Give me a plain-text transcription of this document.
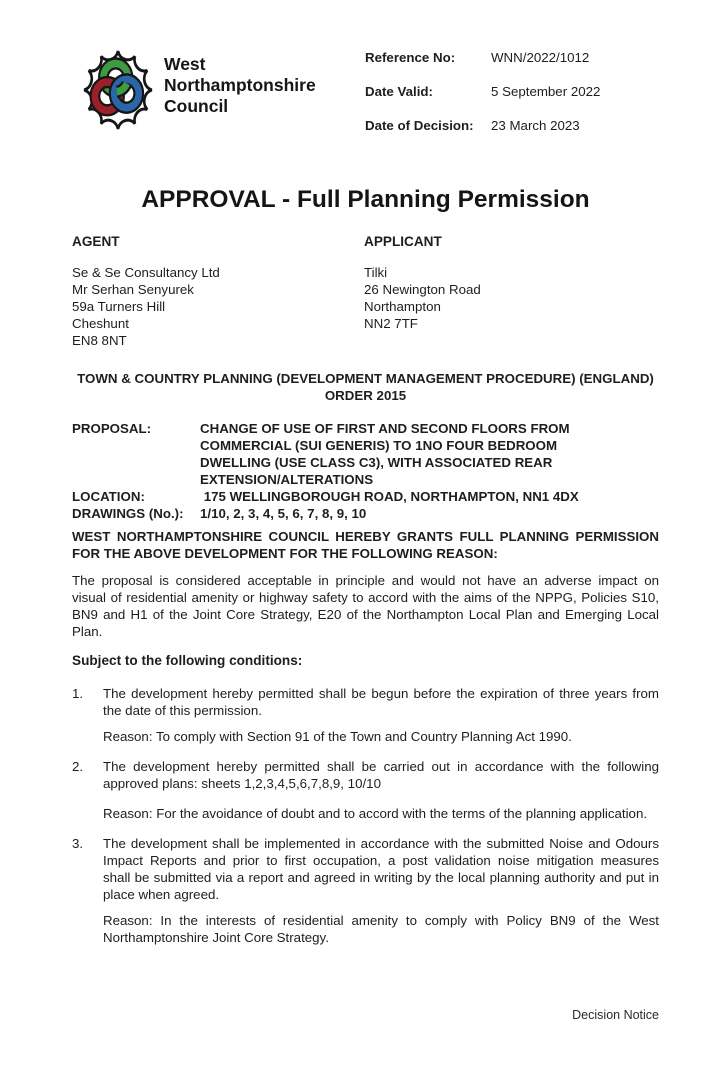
West
Northamptonshire
Council
Reference No:	WNN/2022/1012
Date Valid:	5 September 2022
Date of Decision:	23 March 2023
APPROVAL - Full Planning Permission
AGENT
Se & Se Consultancy Ltd
Mr Serhan Senyurek
59a Turners Hill
Cheshunt
EN8 8NT
APPLICANT
Tilki
26 Newington Road
Northampton
NN2 7TF
TOWN & COUNTRY PLANNING (DEVELOPMENT MANAGEMENT PROCEDURE) (ENGLAND)
ORDER 2015
PROPOSAL:	CHANGE OF USE OF FIRST AND SECOND FLOORS FROM
COMMERCIAL (SUI GENERIS) TO 1NO FOUR BEDROOM
DWELLING (USE CLASS C3), WITH ASSOCIATED REAR
EXTENSION/ALTERATIONS
LOCATION:	175 WELLINGBOROUGH ROAD, NORTHAMPTON, NN1 4DX
DRAWINGS (No.):	1/10, 2, 3, 4, 5, 6, 7, 8, 9, 10
WEST NORTHAMPTONSHIRE COUNCIL HEREBY GRANTS FULL PLANNING PERMISSION
FOR THE ABOVE DEVELOPMENT FOR THE FOLLOWING REASON:
The proposal is considered acceptable in principle and would not have an adverse impact on
visual of residential amenity or highway safety to accord with the aims of the NPPG, Policies S10,
BN9 and H1 of the Joint Core Strategy, E20 of the Northampton Local Plan and Emerging Local
Plan.
Subject to the following conditions:
1.	The development hereby permitted shall be begun before the expiration of three years from
the date of this permission.
Reason: To comply with Section 91 of the Town and Country Planning Act 1990.
2.	The development hereby permitted shall be carried out in accordance with the following
approved plans: sheets 1,2,3,4,5,6,7,8,9, 10/10
Reason: For the avoidance of doubt and to accord with the terms of the planning application.
3.	The development shall be implemented in accordance with the submitted Noise and Odours
Impact Reports and prior to first occupation, a post validation noise mitigation measures
shall be submitted via a report and agreed in writing by the local planning authority and put in
place when agreed.
Reason: In the interests of residential amenity to comply with Policy BN9 of the West
Northamptonshire Joint Core Strategy.
Decision Notice
